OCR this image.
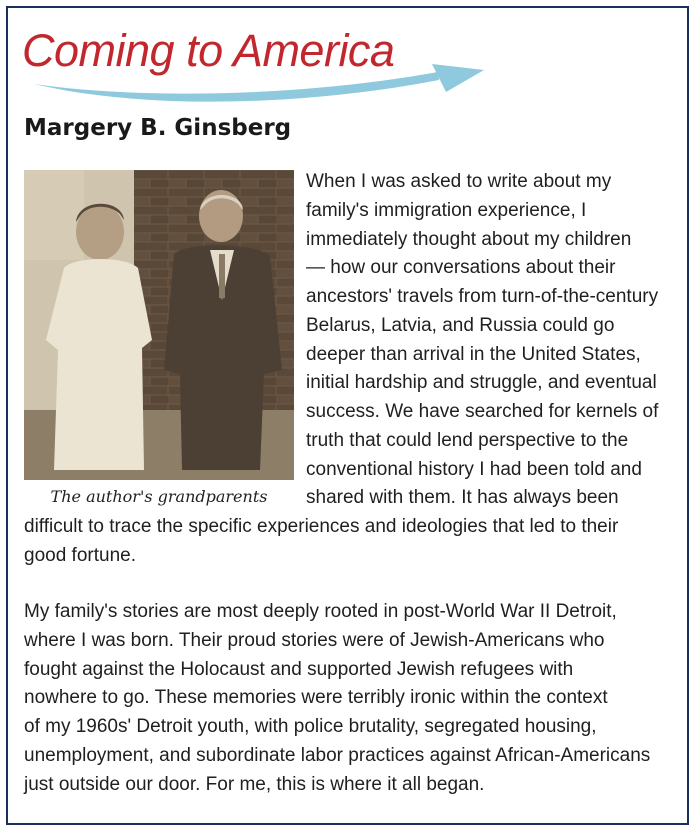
Coming to America
Margery B. Ginsberg

The author's grandparents

When I was asked to write about my

family's immigration experience, I

immediately thought about my children

— how our conversations about their

ancestors' travels from turn-of-the-century

Belarus, Latvia, and Russia could go

deeper than arrival in the United States,

initial hardship and struggle, and eventual

success. We have searched for kernels of

truth that could lend perspective to the

conventional history I had been told and

shared with them. It has always been

difficult to trace the specific experiences and ideologies that led to their

good fortune.

My family's stories are most deeply rooted in post-World War II Detroit,

where I was born. Their proud stories were of Jewish-Americans who

fought against the Holocaust and supported Jewish refugees with

nowhere to go. These memories were terribly ironic within the context

of my 1960s' Detroit youth, with police brutality, segregated housing,

unemployment, and subordinate labor practices against African-Americans

just outside our door. For me, this is where it all began.
